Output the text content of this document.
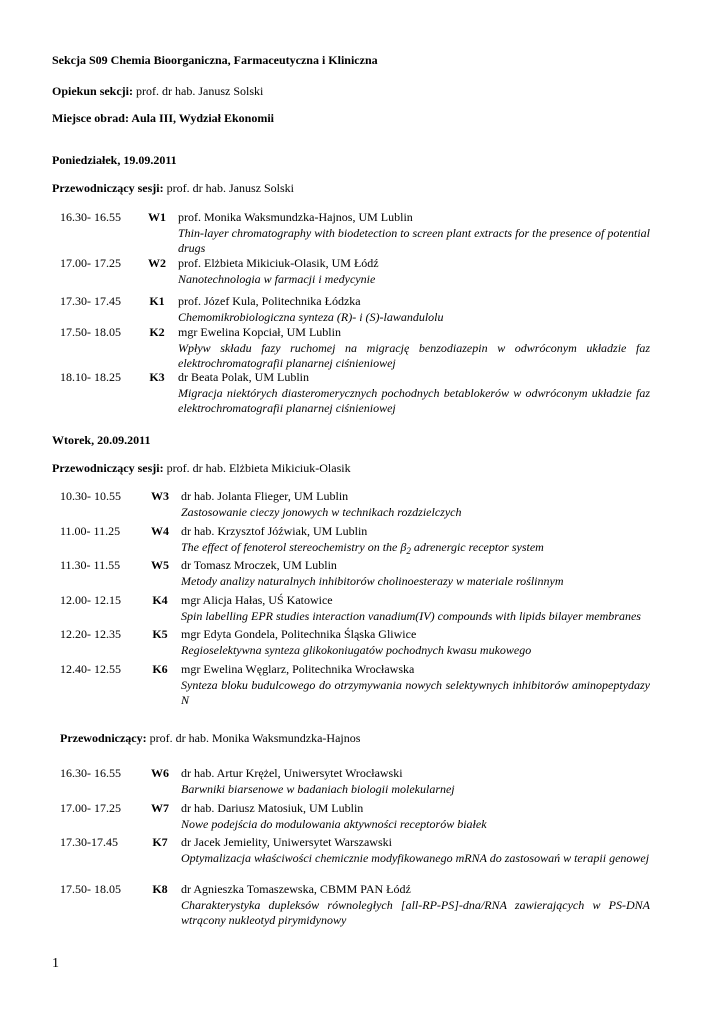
Sekcja S09 Chemia Bioorganiczna, Farmaceutyczna i Kliniczna
Opiekun sekcji: prof. dr hab. Janusz Solski
Miejsce obrad: Aula III, Wydział Ekonomii
Poniedziałek, 19.09.2011
Przewodniczący sesji: prof. dr hab. Janusz Solski
16.30- 16.55	W1	prof. Monika Waksmundzka-Hajnos, UM Lublin
Thin-layer chromatography with biodetection to screen plant extracts for the presence of potential drugs
17.00- 17.25	W2	prof. Elżbieta Mikiciuk-Olasik, UM Łódź
Nanotechnologia w farmacji i medycynie
17.30- 17.45	K1	prof. Józef Kula, Politechnika Łódzka
Chemomikrobiologiczna synteza (R)- i (S)-lawandulolu
17.50- 18.05	K2	mgr Ewelina Kopciał, UM Lublin
Wpływ składu fazy ruchomej na migrację benzodiazepin w odwróconym układzie faz elektrochromatografii planarnej ciśnieniowej
18.10- 18.25	K3	dr Beata Polak, UM Lublin
Migracja niektórych diasteromerycznych pochodnych betablokerów w odwróconym układzie faz elektrochromatografii planarnej ciśnieniowej
Wtorek, 20.09.2011
Przewodniczący sesji: prof. dr hab. Elżbieta Mikiciuk-Olasik
10.30- 10.55	W3	dr hab. Jolanta Flieger, UM Lublin
Zastosowanie cieczy jonowych w technikach rozdzielczych
11.00- 11.25	W4	dr hab. Krzysztof Jóźwiak, UM Lublin
The effect of fenoterol stereochemistry on the $\beta_2$ adrenergic receptor system
11.30- 11.55	W5	dr Tomasz Mroczek, UM Lublin
Metody analizy naturalnych inhibitorów cholinoesterazy w materiale roślinnym
12.00- 12.15	K4	mgr Alicja Hałas, UŚ Katowice
Spin labelling EPR studies interaction vanadium(IV) compounds with lipids bilayer membranes
12.20- 12.35	K5	mgr Edyta Gondela, Politechnika Śląska Gliwice
Regioselektywna synteza glikokoniugatów pochodnych kwasu mukowego
12.40- 12.55	K6	mgr Ewelina Węglarz, Politechnika Wrocławska
Synteza bloku budulcowego do otrzymywania nowych selektywnych inhibitorów aminopeptydazy N
Przewodniczący: prof. dr hab. Monika Waksmundzka-Hajnos
16.30- 16.55	W6	dr hab. Artur Krężel, Uniwersytet Wrocławski
Barwniki biarsenowe w badaniach biologii molekularnej
17.00- 17.25	W7	dr hab. Dariusz Matosiuk, UM Lublin
Nowe podejścia do modulowania aktywności receptorów białek
17.30-17.45	K7	dr Jacek Jemielity, Uniwersytet Warszawski
Optymalizacja właściwości chemicznie modyfikowanego mRNA do zastosowań w terapii genowej
17.50- 18.05	K8	dr Agnieszka Tomaszewska, CBMM PAN Łódź
Charakterystyka dupleksów równoległych [all-RP-PS]-dna/RNA zawierających w PS-DNA wtrącony nukleotyd pirymidynowy
1
